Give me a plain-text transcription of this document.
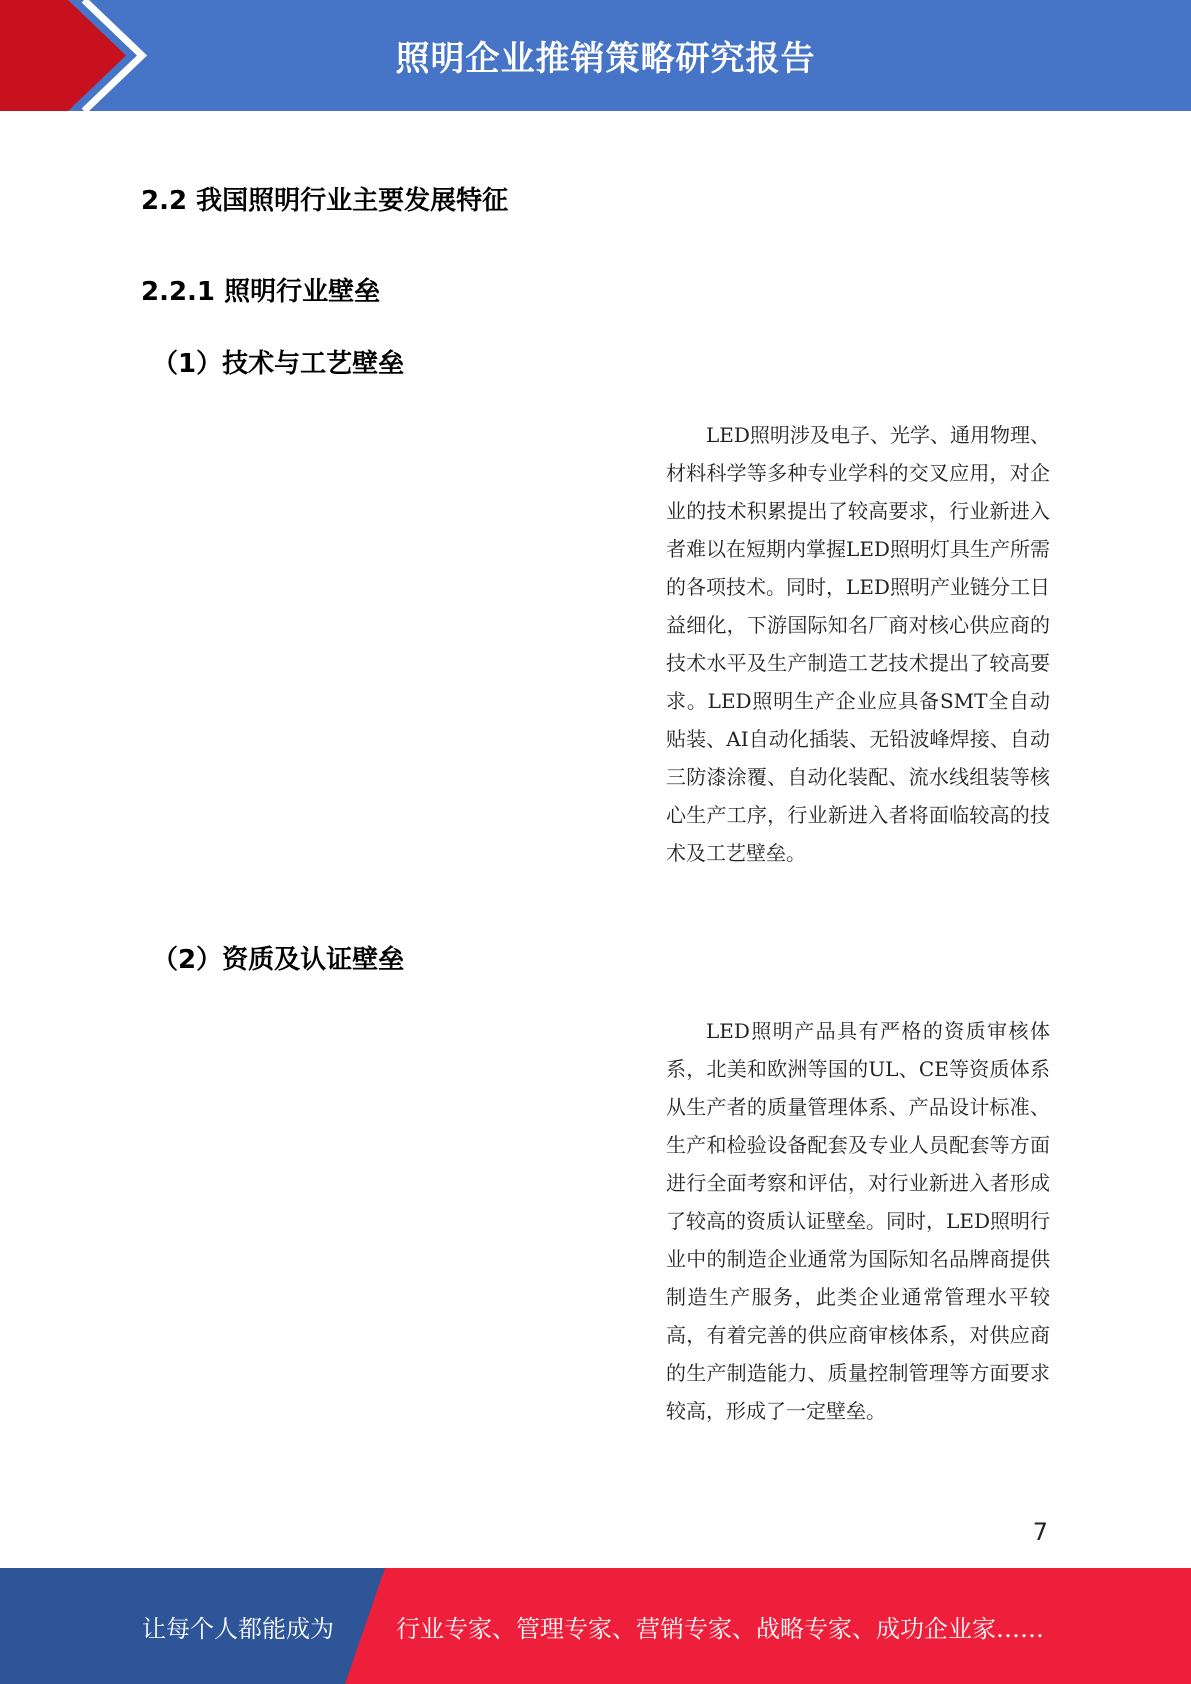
照明企业推销策略研究报告
2.2 我国照明行业主要发展特征
2.2.1 照明行业壁垒
（1）技术与工艺壁垒

LED照明涉及电子、光学、通用物理、材料科学等多种专业学科的交叉应用，对企业的技术积累提出了较高要求，行业新进入者难以在短期内掌握LED照明灯具生产所需的各项技术。同时，LED照明产业链分工日益细化，下游国际知名厂商对核心供应商的技术水平及生产制造工艺技术提出了较高要求。LED照明生产企业应具备SMT全自动贴装、AI自动化插装、无铅波峰焊接、自动三防漆涂覆、自动化装配、流水线组装等核心生产工序，行业新进入者将面临较高的技术及工艺壁垒。

（2）资质及认证壁垒

LED照明产品具有严格的资质审核体系，北美和欧洲等国的UL、CE等资质体系从生产者的质量管理体系、产品设计标准、生产和检验设备配套及专业人员配套等方面进行全面考察和评估，对行业新进入者形成了较高的资质认证壁垒。同时，LED照明行业中的制造企业通常为国际知名品牌商提供制造生产服务，此类企业通常管理水平较高，有着完善的供应商审核体系，对供应商的生产制造能力、质量控制管理等方面要求较高，形成了一定壁垒。

7
让每个人都能成为	行业专家、管理专家、营销专家、战略专家、成功企业家……
